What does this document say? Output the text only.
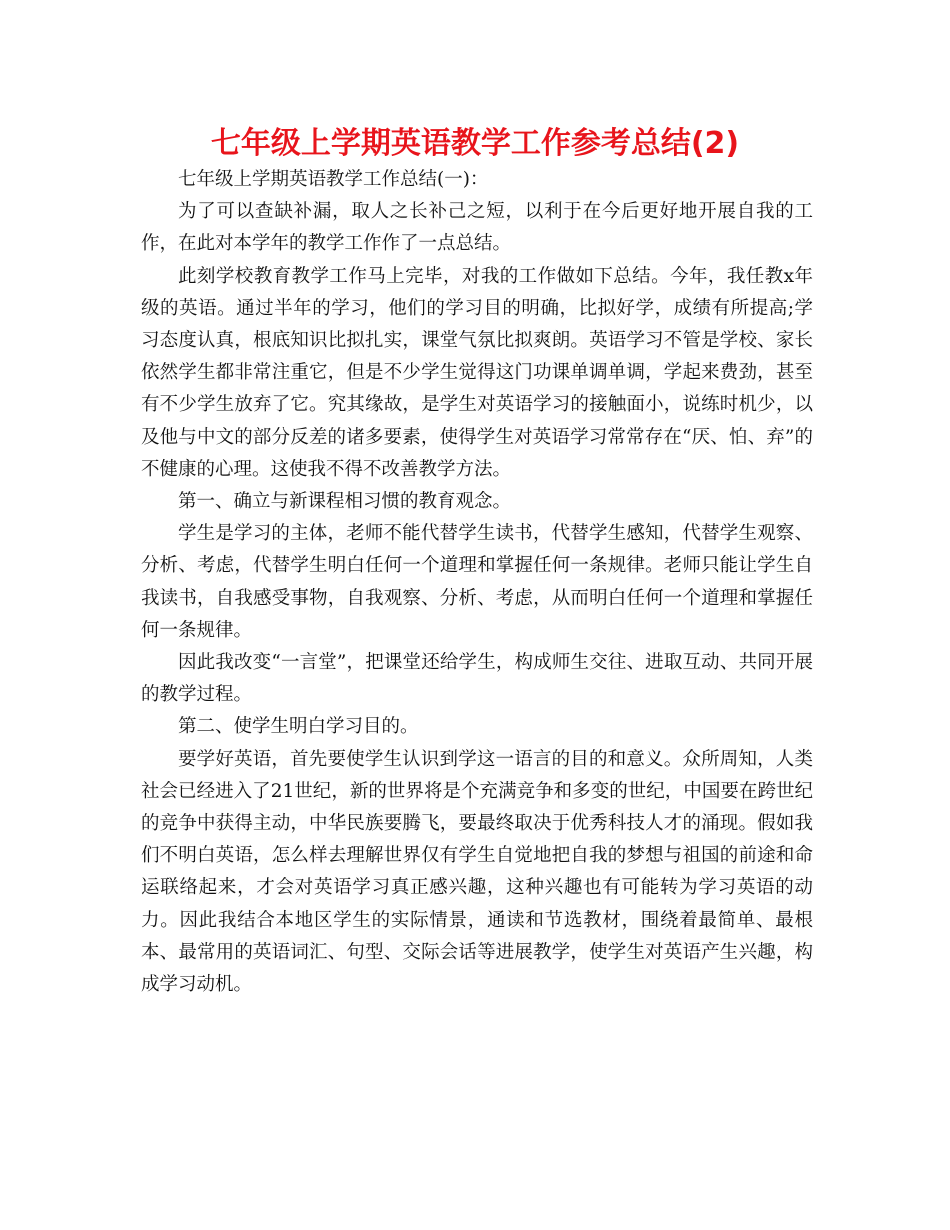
七年级上学期英语教学工作参考总结(2)

七年级上学期英语教学工作总结(一)：

为了可以查缺补漏，取人之长补己之短，以利于在今后更好地开展自我的工作，在此对本学年的教学工作作了一点总结。

此刻学校教育教学工作马上完毕，对我的工作做如下总结。今年，我任教x年级的英语。通过半年的学习，他们的学习目的明确，比拟好学，成绩有所提高;学习态度认真，根底知识比拟扎实，课堂气氛比拟爽朗。英语学习不管是学校、家长依然学生都非常注重它，但是不少学生觉得这门功课单调单调，学起来费劲，甚至有不少学生放弃了它。究其缘故，是学生对英语学习的接触面小，说练时机少，以及他与中文的部分反差的诸多要素，使得学生对英语学习常常存在“厌、怕、弃”的不健康的心理。这使我不得不改善教学方法。

第一、确立与新课程相习惯的教育观念。

学生是学习的主体，老师不能代替学生读书，代替学生感知，代替学生观察、分析、考虑，代替学生明白任何一个道理和掌握任何一条规律。老师只能让学生自我读书，自我感受事物，自我观察、分析、考虑，从而明白任何一个道理和掌握任何一条规律。

因此我改变“一言堂”，把课堂还给学生，构成师生交往、进取互动、共同开展的教学过程。

第二、使学生明白学习目的。

要学好英语，首先要使学生认识到学这一语言的目的和意义。众所周知，人类社会已经进入了21世纪，新的世界将是个充满竞争和多变的世纪，中国要在跨世纪的竞争中获得主动，中华民族要腾飞，要最终取决于优秀科技人才的涌现。假如我们不明白英语，怎么样去理解世界仅有学生自觉地把自我的梦想与祖国的前途和命运联络起来，才会对英语学习真正感兴趣，这种兴趣也有可能转为学习英语的动力。因此我结合本地区学生的实际情景，通读和节选教材，围绕着最简单、最根本、最常用的英语词汇、句型、交际会话等进展教学，使学生对英语产生兴趣，构成学习动机。
